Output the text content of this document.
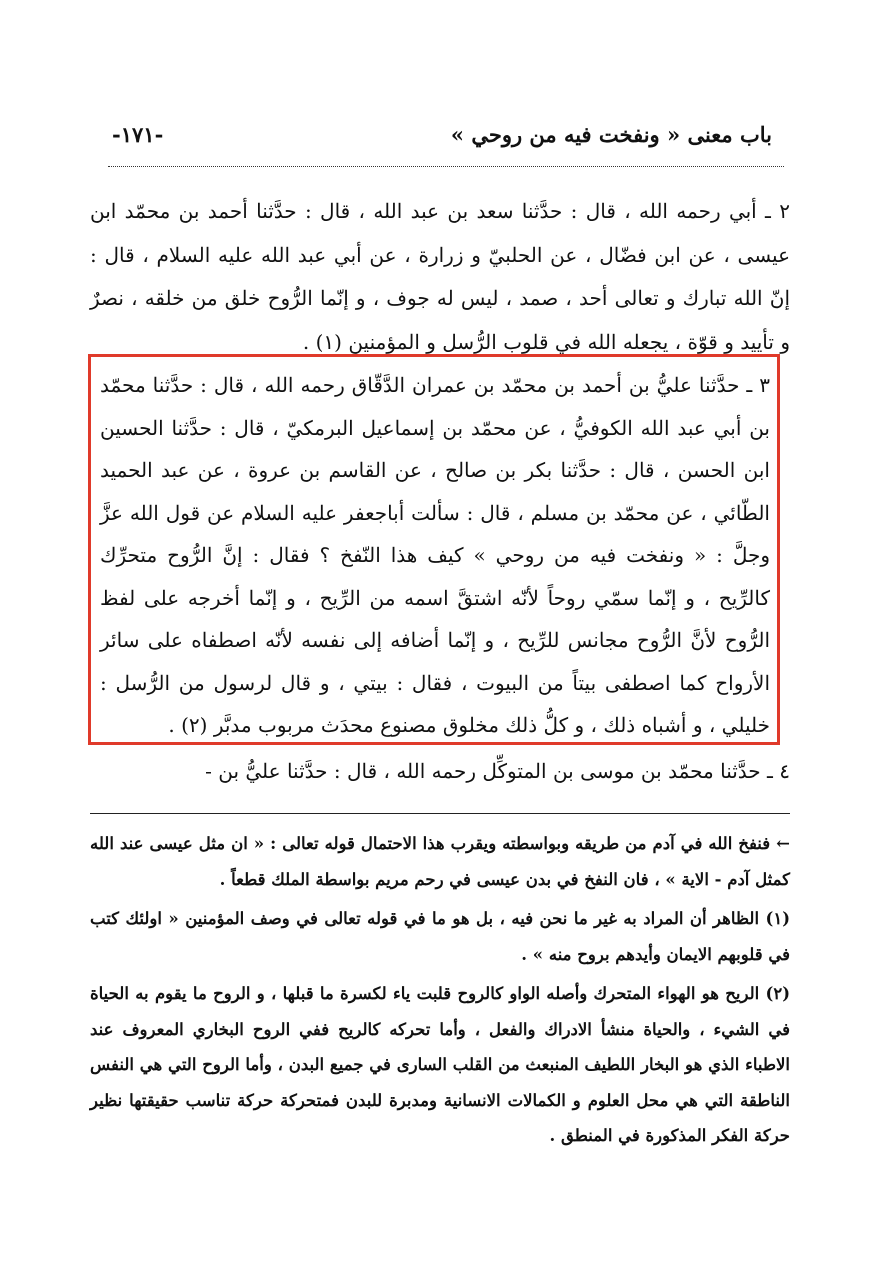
باب معنى « ونفخت فيه من روحي »
-١٧١-

٢ ـ أبي رحمه الله ، قال : حدَّثنا سعد بن عبد الله ، قال : حدَّثنا أحمد بن محمّد ابن عيسى ، عن ابن فضّال ، عن الحلبيّ و زرارة ، عن أبي عبد الله عليه السلام ، قال : إنّ الله تبارك و تعالى أحد ، صمد ، ليس له جوف ، و إنّما الرُّوح خلق من خلقه ، نصرٌ و تأييد و قوّة ، يجعله الله في قلوب الرُّسل و المؤمنين (١) .

٣ ـ حدَّثنا عليُّ بن أحمد بن محمّد بن عمران الدَّقّاق رحمه الله ، قال : حدَّثنا محمّد بن أبي عبد الله الكوفيُّ ، عن محمّد بن إسماعيل البرمكيّ ، قال : حدَّثنا الحسين ابن الحسن ، قال : حدَّثنا بكر بن صالح ، عن القاسم بن عروة ، عن عبد الحميد الطّائي ، عن محمّد بن مسلم ، قال : سألت أباجعفر عليه السلام عن قول الله عزَّ وجلَّ : « ونفخت فيه من روحي » كيف هذا النّفخ ؟ فقال : إنَّ الرُّوح متحرِّك كالرِّيح ، و إنّما سمّي روحاً لأنّه اشتقَّ اسمه من الرِّيح ، و إنّما أخرجه على لفظ الرُّوح لأنَّ الرُّوح مجانس للرِّيح ، و إنّما أضافه إلى نفسه لأنّه اصطفاه على سائر الأرواح كما اصطفى بيتاً من البيوت ، فقال : بيتي ، و قال لرسول من الرُّسل : خليلي ، و أشباه ذلك ، و كلُّ ذلك مخلوق مصنوع محدَث مربوب مدبَّر (٢) .

٤ ـ حدَّثنا محمّد بن موسى بن المتوكِّل رحمه الله ، قال : حدَّثنا عليُّ بن -

← فنفخ الله في آدم من طريقه وبواسطته ويقرب هذا الاحتمال قوله تعالى : « ان مثل عيسى عند الله كمثل آدم - الاية » ، فان النفخ في بدن عيسى في رحم مريم بواسطة الملك قطعاً .

(١) الظاهر أن المراد به غير ما نحن فيه ، بل هو ما في قوله تعالى في وصف المؤمنين « اولئك كتب في قلوبهم الايمان وأيدهم بروح منه » .

(٢) الريح هو الهواء المتحرك وأصله الواو كالروح قلبت ياء لكسرة ما قبلها ، و الروح ما يقوم به الحياة في الشيء ، والحياة منشأ الادراك والفعل ، وأما تحركه كالريح ففي الروح البخاري المعروف عند الاطباء الذي هو البخار اللطيف المنبعث من القلب السارى في جميع البدن ، وأما الروح التي هي النفس الناطقة التي هي محل العلوم و الكمالات الانسانية ومدبرة للبدن فمتحركة حركة تناسب حقيقتها نظير حركة الفكر المذكورة في المنطق .
